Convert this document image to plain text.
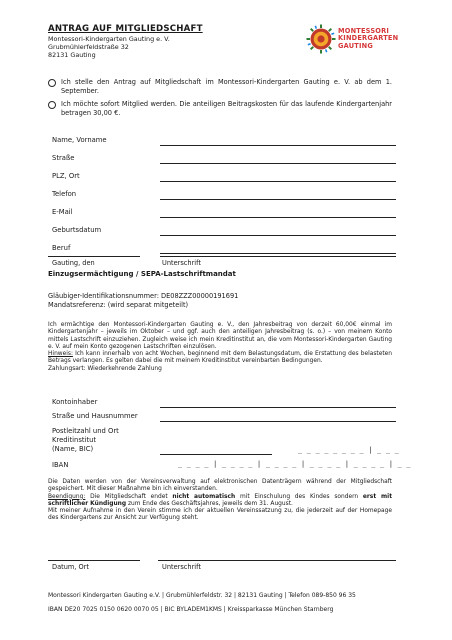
ANTRAG AUF MITGLIEDSCHAFT
Montessori-Kindergarten Gauting e. V.
Grubmühlerfeldstraße 32
82131 Gauting
MONTESSORI
KINDERGARTEN
GAUTING
Ich stelle den Antrag auf Mitgliedschaft im Montessori-Kindergarten Gauting e. V. ab dem 1. September.
Ich möchte sofort Mitglied werden. Die anteiligen Beitragskosten für das laufende Kindergartenjahr betragen 30,00 €.
Name, Vorname
Straße
PLZ, Ort
Telefon
E-Mail
Geburtsdatum
Beruf
Gauting, den	Unterschrift
Einzugsermächtigung / SEPA-Lastschriftmandat
Gläubiger-Identifikationsnummer: DE08ZZZ00000191691
Mandatsreferenz: (wird separat mitgeteilt)
Ich ermächtige den Montessori-Kindergarten Gauting e. V., den Jahresbeitrag von derzeit 60,00€ einmal im Kindergartenjahr – jeweils im Oktober – und ggf. auch den anteiligen Jahresbeitrag (s. o.) – von meinem Konto mittels Lastschrift einzuziehen. Zugleich weise ich mein Kreditinstitut an, die vom Montessori-Kindergarten Gauting e. V. auf mein Konto gezogenen Lastschriften einzulösen.
Hinweis: Ich kann innerhalb von acht Wochen, beginnend mit dem Belastungsdatum, die Erstattung des belasteten Betrags verlangen. Es gelten dabei die mit meinem Kreditinstitut vereinbarten Bedingungen.
Zahlungsart: Wiederkehrende Zahlung
Kontoinhaber
Straße und Hausnummer
Postleitzahl und Ort
Kreditinstitut
(Name, BIC)	_ _ _ _ _ _ _ _ | _ _ _
IBAN	_ _ _ _ | _ _ _ _ | _ _ _ _ | _ _ _ _ | _ _ _ _ | _ _
Die Daten werden von der Vereinsverwaltung auf elektronischen Datenträgern während der Mitgliedschaft gespeichert. Mit dieser Maßnahme bin ich einverstanden.
Beendigung: Die Mitgliedschaft endet nicht automatisch mit Einschulung des Kindes sondern erst mit schriftlicher Kündigung zum Ende des Geschäftsjahres, jeweils dem 31. August.
Mit meiner Aufnahme in den Verein stimme ich der aktuellen Vereinssatzung zu, die jederzeit auf der Homepage des Kindergartens zur Ansicht zur Verfügung steht.
Datum, Ort	Unterschrift
Montessori Kindergarten Gauting e.V. | Grubmühlerfeldstr. 32 | 82131 Gauting | Telefon 089-850 96 35
IBAN DE20 7025 0150 0620 0070 05 | BIC BYLADEM1KMS | Kreissparkasse München Starnberg
